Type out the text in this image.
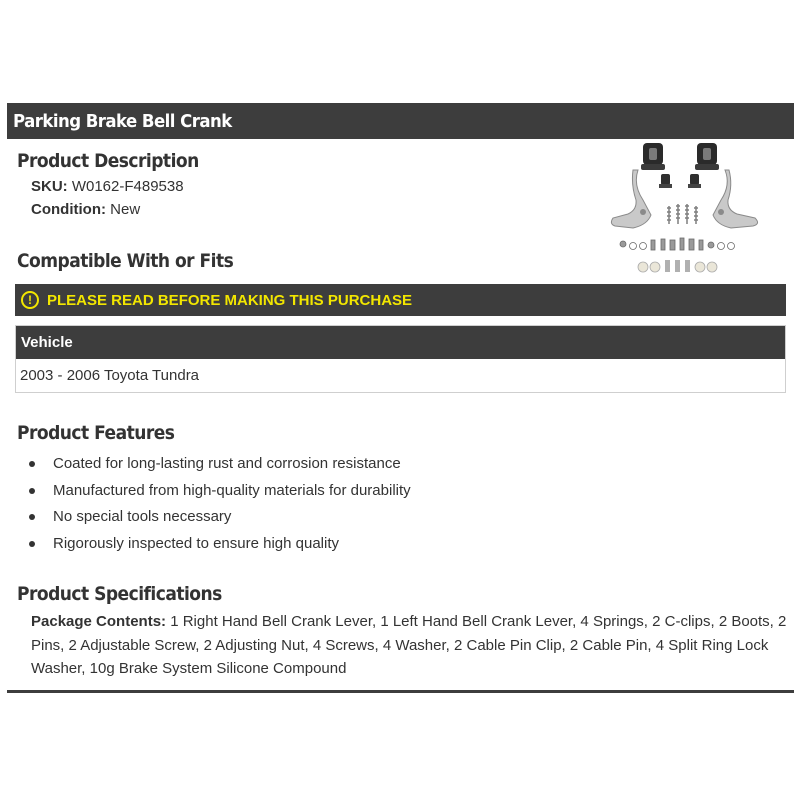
Parking Brake Bell Crank
Product Description
SKU: W0162-F489538
Condition: New
Compatible With or Fits
!	PLEASE READ BEFORE MAKING THIS PURCHASE
Vehicle
2003 - 2006 Toyota Tundra
Product Features
Coated for long-lasting rust and corrosion resistance
Manufactured from high-quality materials for durability
No special tools necessary
Rigorously inspected to ensure high quality
Product Specifications
Package Contents: 1 Right Hand Bell Crank Lever, 1 Left Hand Bell Crank Lever, 4 Springs, 2 C-clips, 2 Boots, 2 Pins, 2 Adjustable Screw, 2 Adjusting Nut, 4 Screws, 4 Washer, 2 Cable Pin Clip, 2 Cable Pin, 4 Split Ring Lock Washer, 10g Brake System Silicone Compound
